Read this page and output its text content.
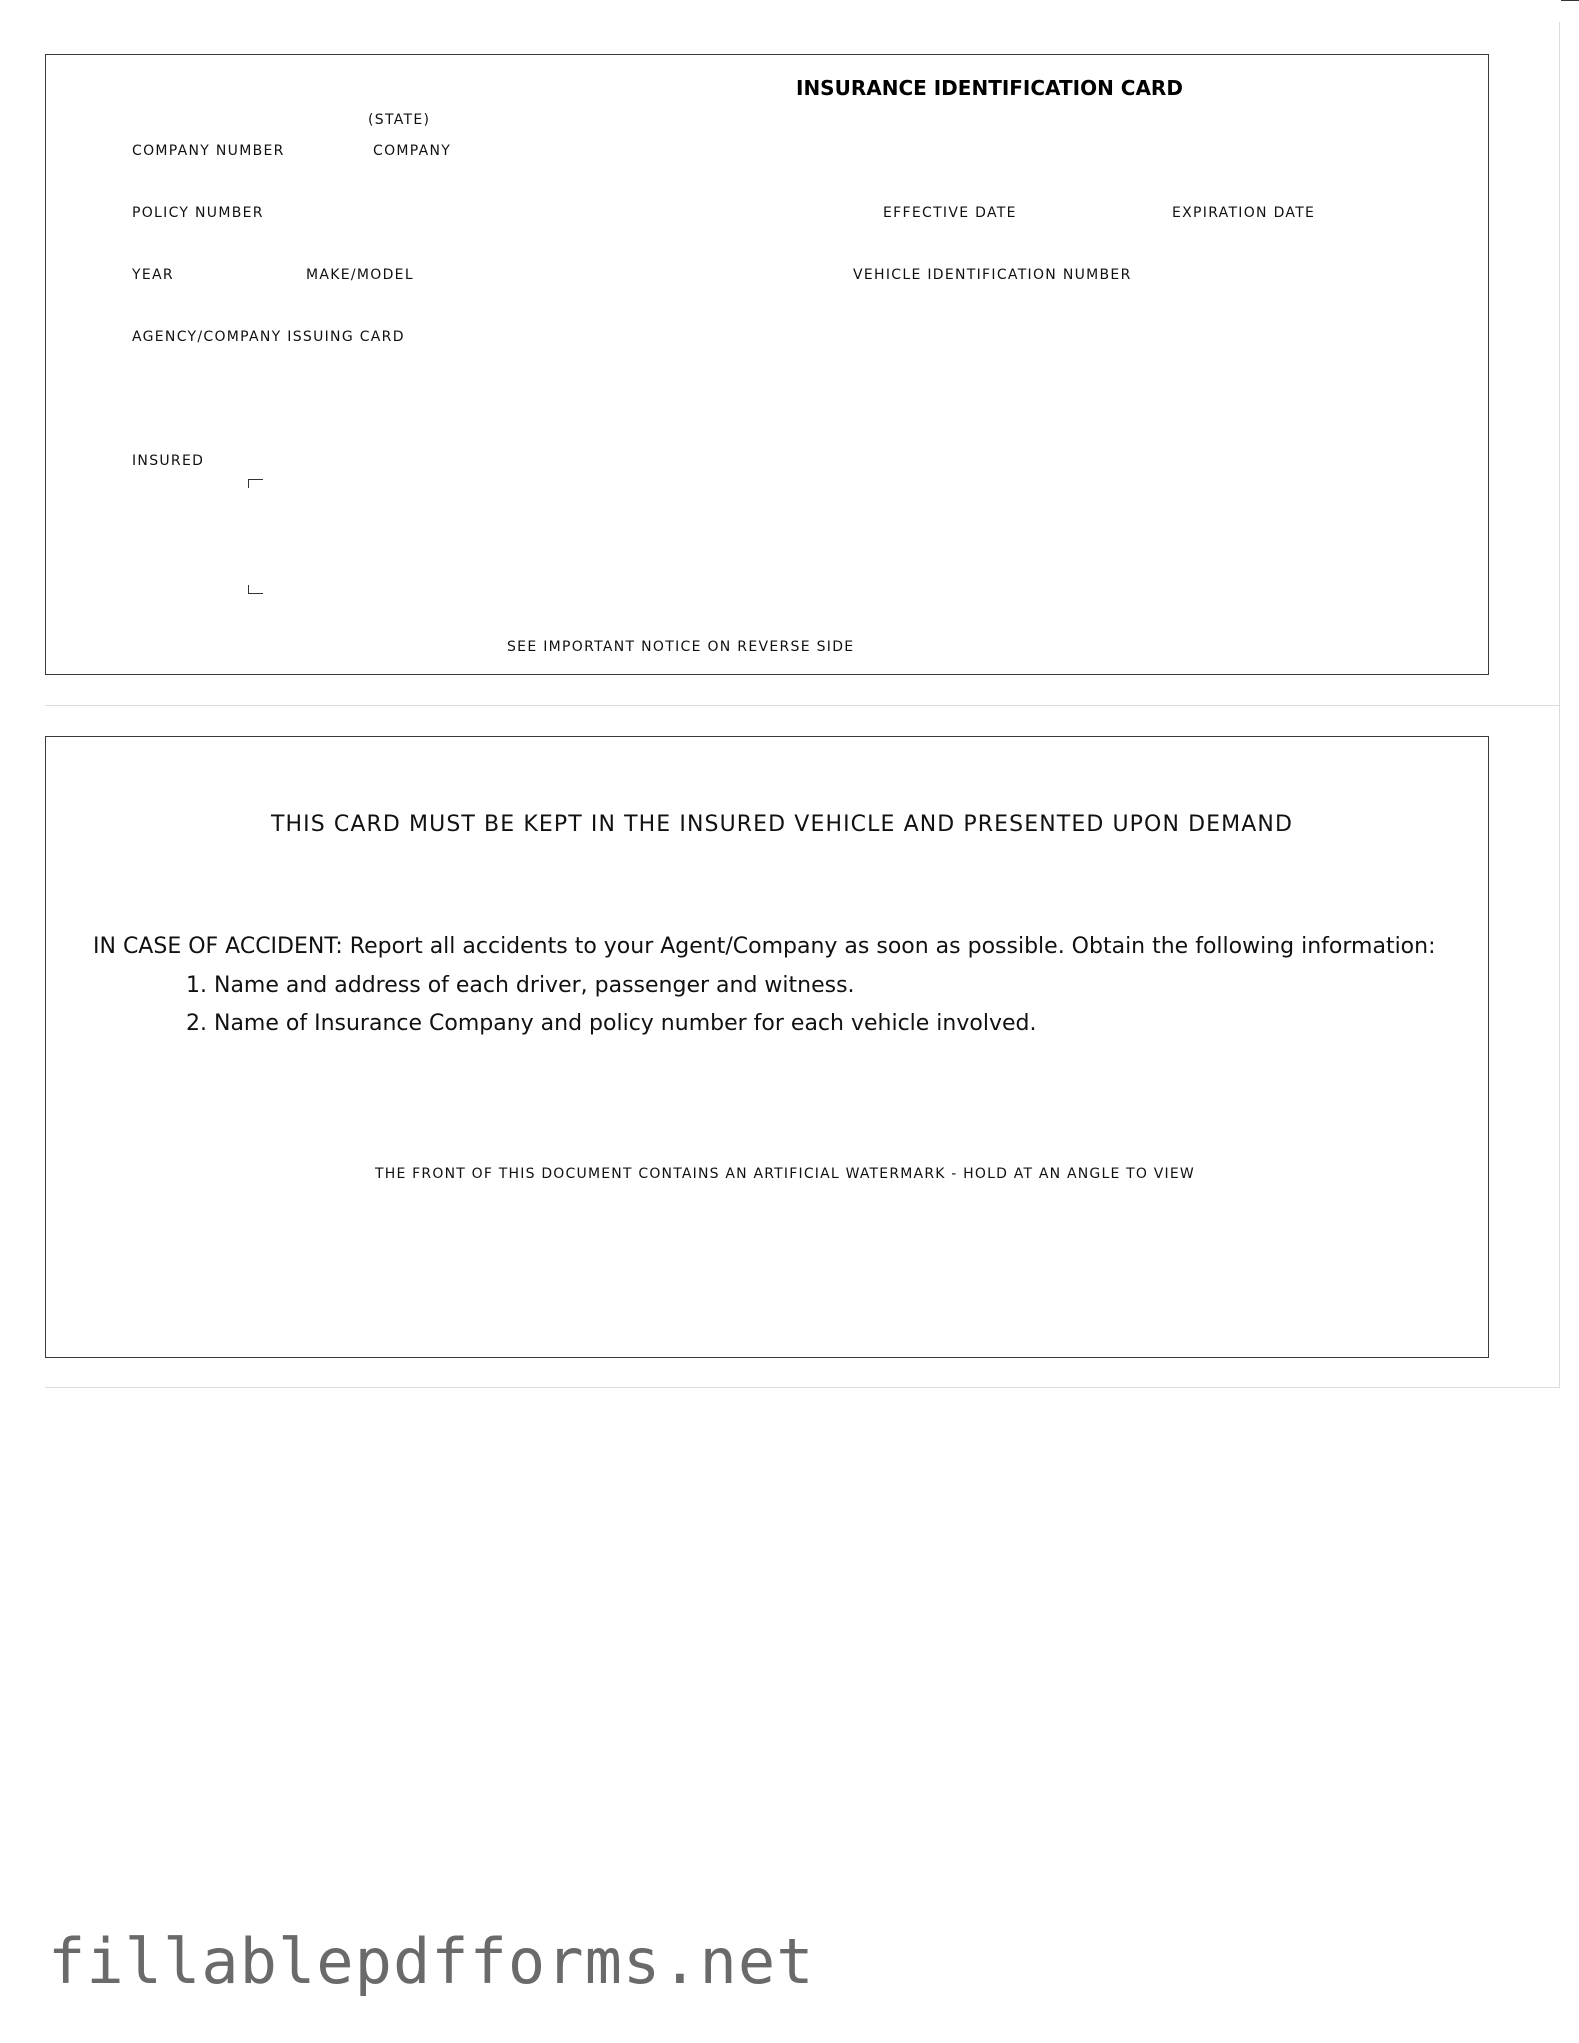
INSURANCE IDENTIFICATION CARD
(STATE)
COMPANY NUMBER	COMPANY
POLICY NUMBER	EFFECTIVE DATE	EXPIRATION DATE
YEAR	MAKE/MODEL	VEHICLE IDENTIFICATION NUMBER
AGENCY/COMPANY ISSUING CARD
INSURED
SEE IMPORTANT NOTICE ON REVERSE SIDE
THIS CARD MUST BE KEPT IN THE INSURED VEHICLE AND PRESENTED UPON DEMAND
IN CASE OF ACCIDENT: Report all accidents to your Agent/Company as soon as possible. Obtain the following information:
1. Name and address of each driver, passenger and witness.
2. Name of Insurance Company and policy number for each vehicle involved.
THE FRONT OF THIS DOCUMENT CONTAINS AN ARTIFICIAL WATERMARK - HOLD AT AN ANGLE TO VIEW
fillablepdfforms.net
